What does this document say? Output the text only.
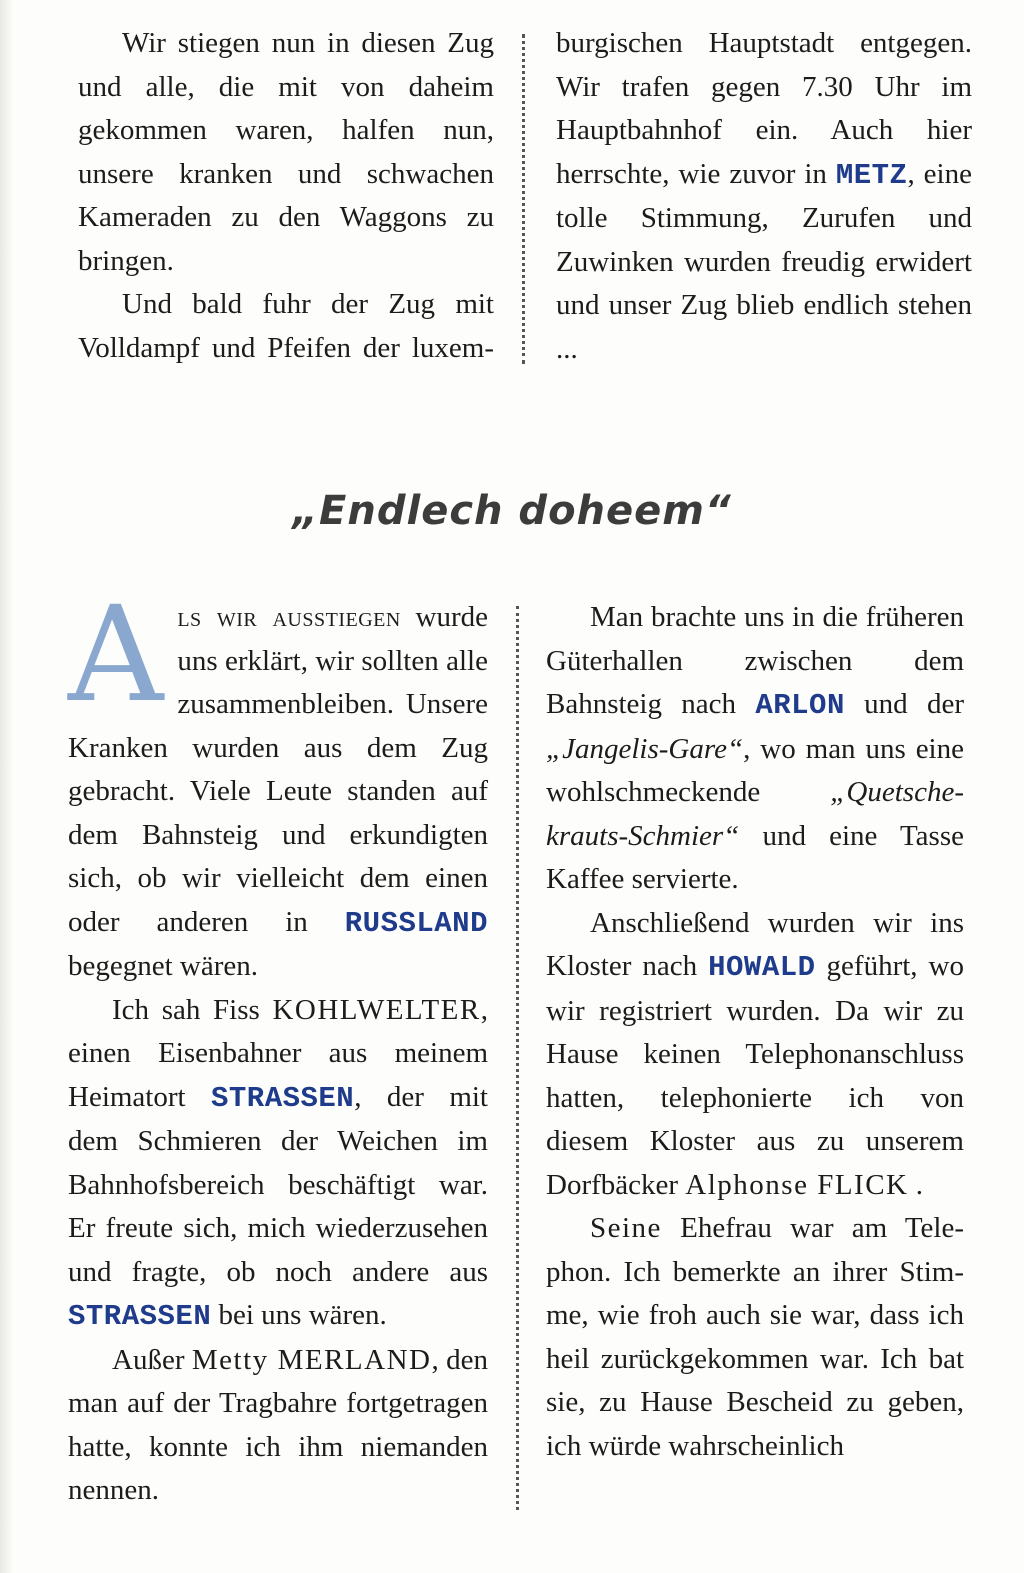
Wir stiegen nun in diesen Zug und alle, die mit von daheim gekommen waren, halfen nun, unsere kranken und schwachen Kameraden zu den Waggons zu bringen.

Und bald fuhr der Zug mit Volldampf und Pfeifen der luxem-

burgischen Hauptstadt entgegen. Wir trafen gegen 7.30 Uhr im Hauptbahnhof ein. Auch hier herrschte, wie zuvor in METZ, eine tolle Stimmung, Zurufen und Zuwinken wurden freudig erwidert und unser Zug blieb endlich stehen ...

„Endlech doheem“

Als wir ausstiegen wurde uns erklärt, wir sollten alle zusammenbleiben. Unsere Kranken wurden aus dem Zug gebracht. Viele Leute standen auf dem Bahnsteig und erkundigten sich, ob wir vielleicht dem einen oder anderen in RUSSLAND begegnet wären.

Ich sah Fiss KOHLWELTER, einen Eisenbahner aus meinem Heimatort STRASSEN, der mit dem Schmieren der Weichen im Bahnhofsbereich beschäftigt war. Er freute sich, mich wiederzusehen und fragte, ob noch andere aus STRASSEN bei uns wären.

Außer Metty MERLAND, den man auf der Tragbahre fortgetragen hatte, konnte ich ihm niemanden nennen.

Man brachte uns in die früheren Güterhallen zwischen dem Bahnsteig nach ARLON und der „Jangelis-Gare“, wo man uns eine wohlschmeckende „Quetschekrauts-Schmier“ und eine Tasse Kaffee servierte.

Anschließend wurden wir ins Kloster nach HOWALD geführt, wo wir registriert wurden. Da wir zu Hause keinen Telephonanschluss hatten, telephonierte ich von diesem Kloster aus zu unserem Dorfbäcker Alphonse FLICK .

Seine Ehefrau war am Telephon. Ich bemerkte an ihrer Stimme, wie froh auch sie war, dass ich heil zurückgekommen war. Ich bat sie, zu Hause Bescheid zu geben, ich würde wahrscheinlich
